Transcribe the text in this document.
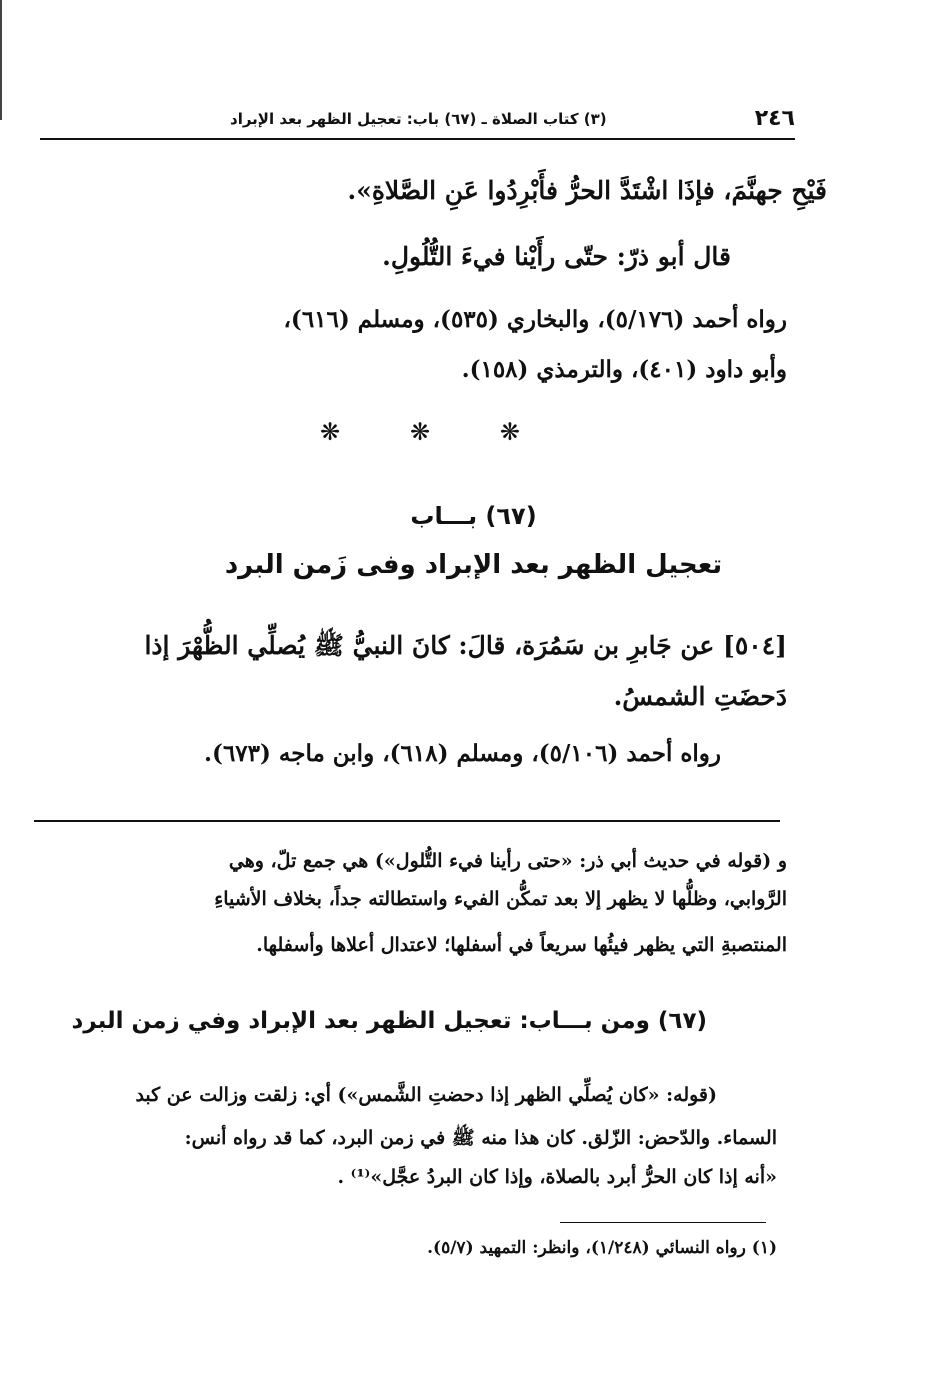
٢٤٦
(٣) كتاب الصلاة ـ (٦٧) باب: تعجيل الظهر بعد الإبراد
فَيْحِ جهنَّمَ، فإذَا اشْتَدَّ الحرُّ فأَبْرِدُوا عَنِ الصَّلاةِ».
قال أبو ذرّ: حتّى رأَيْنا فيءَ التُّلُولِ.
رواه أحمد (٥/١٧٦)، والبخاري (٥٣٥)، ومسلم (٦١٦)،
وأبو داود (٤٠١)، والترمذي (١٥٨).
❋	❋	❋
(٦٧) بـــاب
تعجيل الظهر بعد الإبراد وفى زَمن البرد
[٥٠٤] عن جَابرِ بن سَمُرَة، قالَ: كانَ النبيُّ ﷺ يُصلِّي الظُّهْرَ إذا
دَحضَتِ الشمسُ.
رواه أحمد (٥/١٠٦)، ومسلم (٦١٨)، وابن ماجه (٦٧٣).
و (قوله في حديث أبي ذر: «حتى رأينا فيء التُّلول») هي جمع تلّ، وهي
الرَّوابي، وظلُّها لا يظهر إلا بعد تمكُّن الفيء واستطالته جداً، بخلاف الأشياءِ
المنتصبةِ التي يظهر فيئُها سريعاً في أسفلها؛ لاعتدال أعلاها وأسفلها.
(٦٧) ومن بـــاب: تعجيل الظهر بعد الإبراد وفي زمن البرد
(قوله: «كان يُصلِّي الظهر إذا دحضتِ الشَّمس») أي: زلقت وزالت عن كبد
السماء. والدّحض: الزّلق. كان هذا منه ﷺ في زمن البرد، كما قد رواه أنس:
«أنه إذا كان الحرُّ أبرد بالصلاة، وإذا كان البردُ عجَّل»⁽¹⁾ .
(١) رواه النسائي (١/٢٤٨)، وانظر: التمهيد (٥/٧).
